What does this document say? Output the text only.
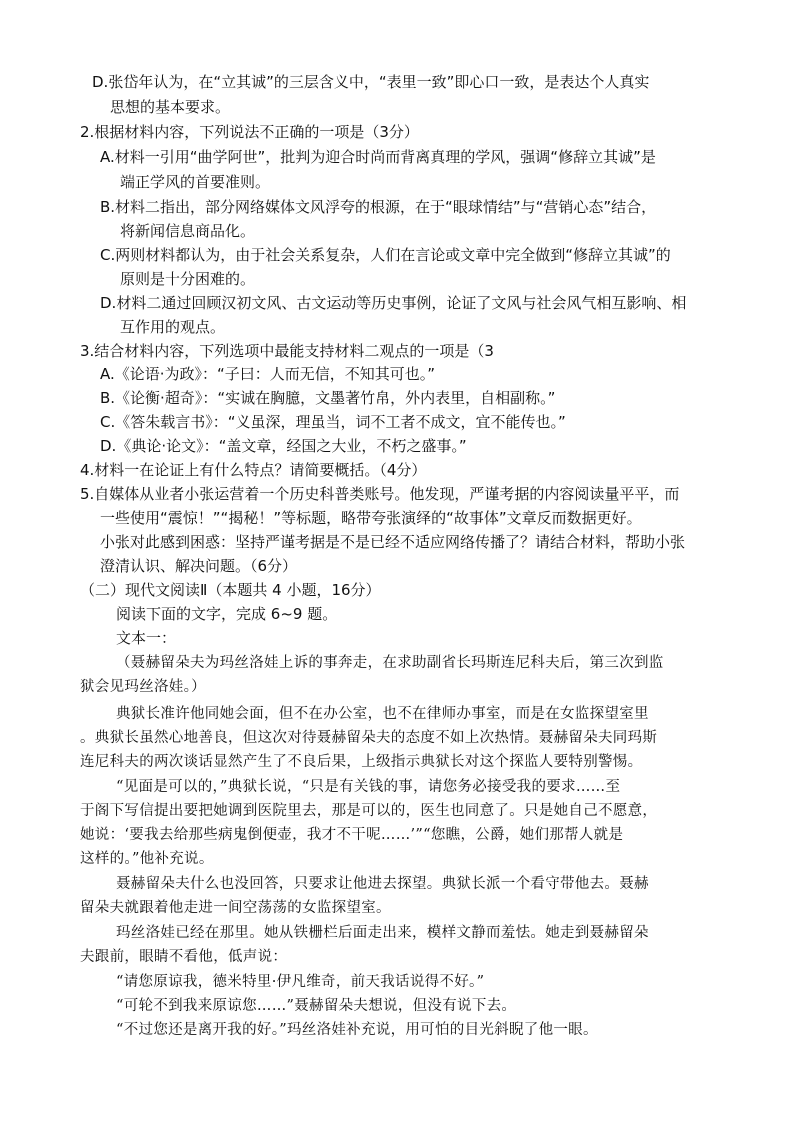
D.张岱年认为，在“立其诚”的三层含义中，“表里一致”即心口一致，是表达个人真实
思想的基本要求。
2.根据材料内容，下列说法不正确的一项是（3分）
A.材料一引用“曲学阿世”，批判为迎合时尚而背离真理的学风，强调“修辞立其诚”是
端正学风的首要准则。
B.材料二指出，部分网络媒体文风浮夸的根源，在于“眼球情结”与“营销心态”结合，
将新闻信息商品化。
C.两则材料都认为，由于社会关系复杂，人们在言论或文章中完全做到“修辞立其诚”的
原则是十分困难的。
D.材料二通过回顾汉初文风、古文运动等历史事例，论证了文风与社会风气相互影响、相
互作用的观点。
3.结合材料内容，下列选项中最能支持材料二观点的一项是（3
A.《论语·为政》：“子曰：人而无信，不知其可也。”
B.《论衡·超奇》：“实诚在胸臆，文墨著竹帛，外内表里，自相副称。”
C.《答朱载言书》：“义虽深，理虽当，词不工者不成文，宜不能传也。”
D.《典论·论文》：“盖文章，经国之大业，不朽之盛事。”
4.材料一在论证上有什么特点？请简要概括。（4分）
5.自媒体从业者小张运营着一个历史科普类账号。他发现，严谨考据的内容阅读量平平，而
一些使用“震惊！”“揭秘！”等标题，略带夸张演绎的“故事体”文章反而数据更好。
小张对此感到困惑：坚持严谨考据是不是已经不适应网络传播了？请结合材料，帮助小张
澄清认识、解决问题。（6分）
（二）现代文阅读Ⅱ（本题共 4 小题，16分）
阅读下面的文字，完成 6~9 题。
文本一：
（聂赫留朵夫为玛丝洛娃上诉的事奔走，在求助副省长玛斯连尼科夫后，第三次到监
狱会见玛丝洛娃。）
典狱长准许他同她会面，但不在办公室，也不在律师办事室，而是在女监探望室里
。典狱长虽然心地善良，但这次对待聂赫留朵夫的态度不如上次热情。聂赫留朵夫同玛斯
连尼科夫的两次谈话显然产生了不良后果，上级指示典狱长对这个探监人要特别警惕。
“见面是可以的，”典狱长说，“只是有关钱的事，请您务必接受我的要求……至
于阁下写信提出要把她调到医院里去，那是可以的，医生也同意了。只是她自己不愿意，
她说：‘要我去给那些病鬼倒便壶，我才不干呢……’”“您瞧，公爵，她们那帮人就是
这样的。”他补充说。
聂赫留朵夫什么也没回答，只要求让他进去探望。典狱长派一个看守带他去。聂赫
留朵夫就跟着他走进一间空荡荡的女监探望室。
玛丝洛娃已经在那里。她从铁栅栏后面走出来，模样文静而羞怯。她走到聂赫留朵
夫跟前，眼睛不看他，低声说：
“请您原谅我，德米特里·伊凡维奇，前天我话说得不好。”
“可轮不到我来原谅您……”聂赫留朵夫想说，但没有说下去。
“不过您还是离开我的好。”玛丝洛娃补充说，用可怕的目光斜睨了他一眼。
